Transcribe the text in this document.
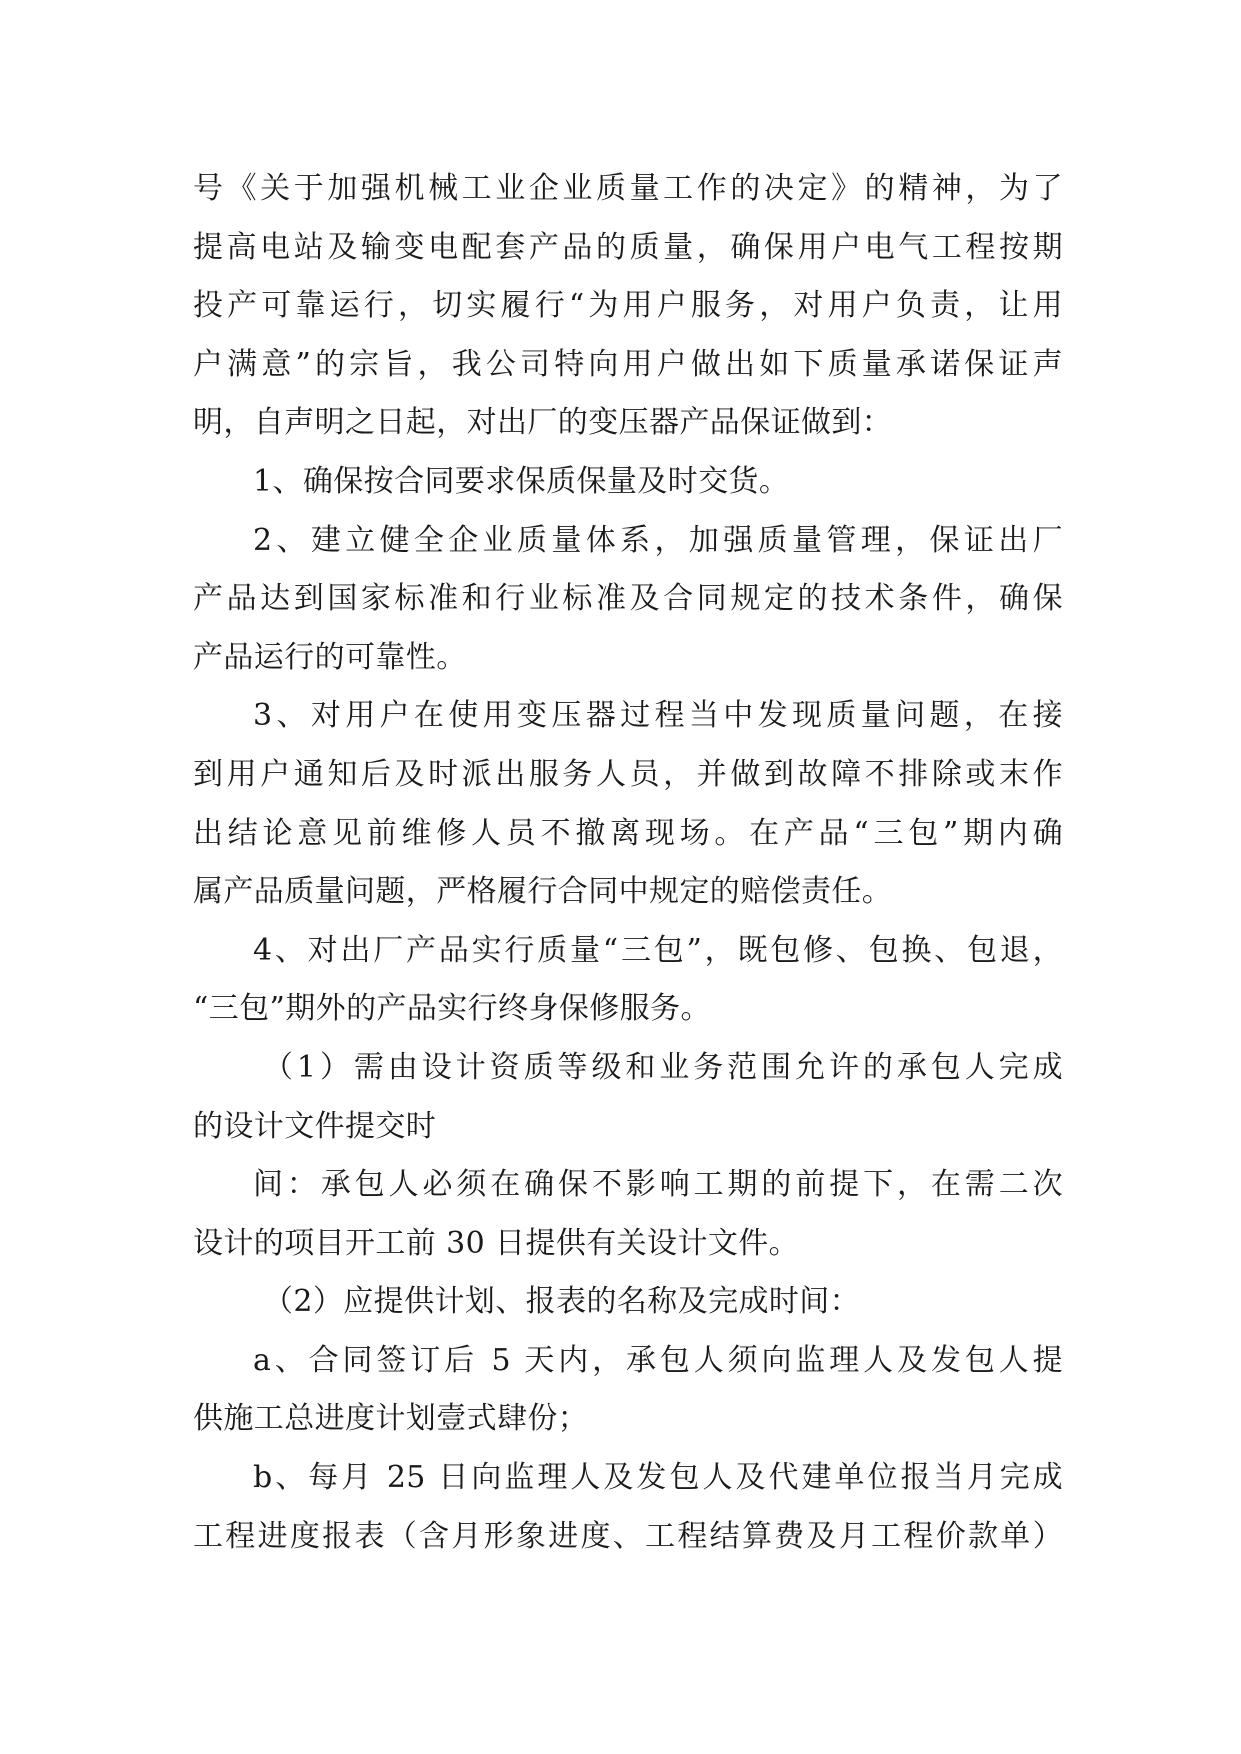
号《关于加强机械工业企业质量工作的决定》的精神，为了
提高电站及输变电配套产品的质量，确保用户电气工程按期
投产可靠运行，切实履行“为用户服务，对用户负责，让用
户满意”的宗旨，我公司特向用户做出如下质量承诺保证声
明，自声明之日起，对出厂的变压器产品保证做到：
1、确保按合同要求保质保量及时交货。
2、建立健全企业质量体系，加强质量管理，保证出厂
产品达到国家标准和行业标准及合同规定的技术条件，确保
产品运行的可靠性。
3、对用户在使用变压器过程当中发现质量问题，在接
到用户通知后及时派出服务人员，并做到故障不排除或末作
出结论意见前维修人员不撤离现场。在产品“三包”期内确
属产品质量问题，严格履行合同中规定的赔偿责任。
4、对出厂产品实行质量“三包”，既包修、包换、包退，
“三包”期外的产品实行终身保修服务。
（1）需由设计资质等级和业务范围允许的承包人完成
的设计文件提交时
间：承包人必须在确保不影响工期的前提下，在需二次
设计的项目开工前 30 日提供有关设计文件。
（2）应提供计划、报表的名称及完成时间：
a、合同签订后 5 天内，承包人须向监理人及发包人提
供施工总进度计划壹式肆份；
b、每月 25 日向监理人及发包人及代建单位报当月完成
工程进度报表（含月形象进度、工程结算费及月工程价款单）
